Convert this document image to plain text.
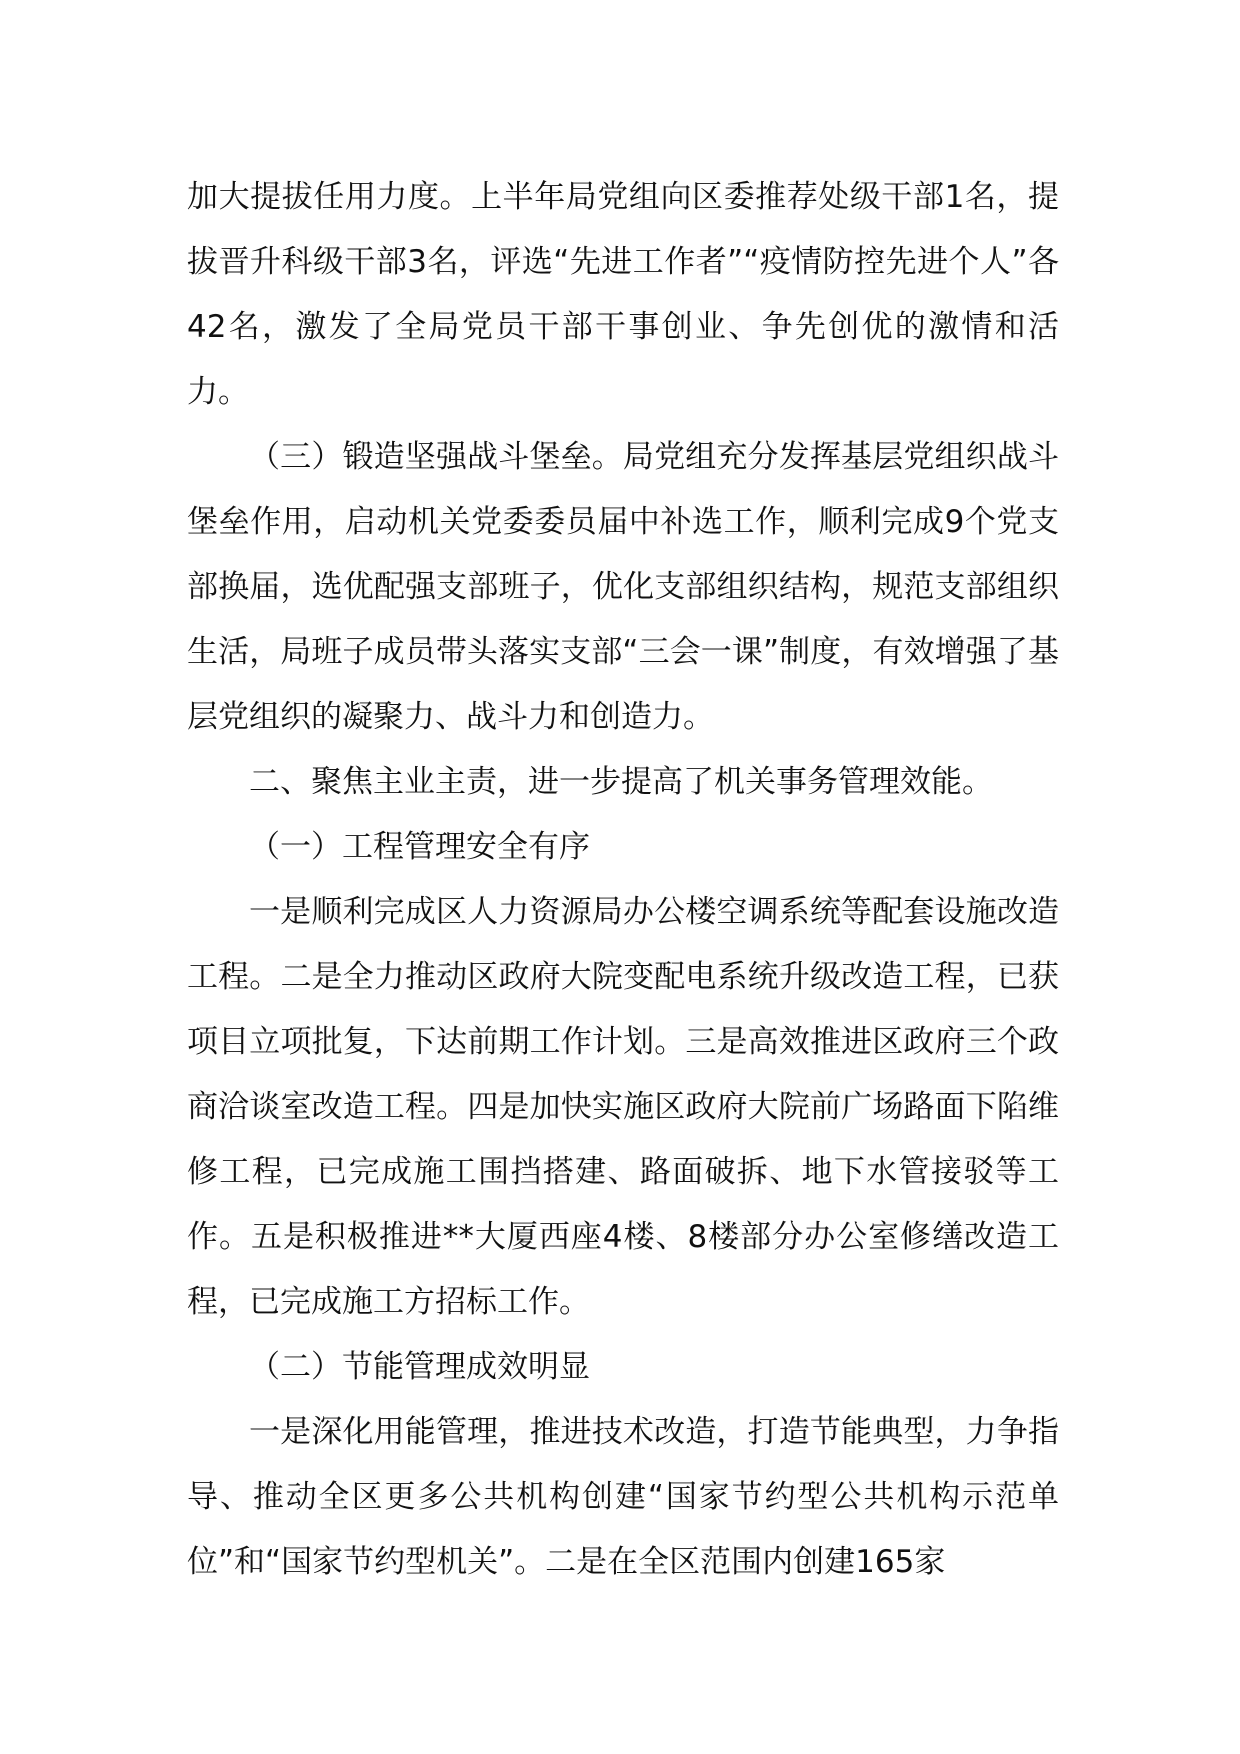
加大提拔任用力度。上半年局党组向区委推荐处级干部1名，提拔晋升科级干部3名，评选“先进工作者”“疫情防控先进个人”各42名，激发了全局党员干部干事创业、争先创优的激情和活力。

（三）锻造坚强战斗堡垒。局党组充分发挥基层党组织战斗堡垒作用，启动机关党委委员届中补选工作，顺利完成9个党支部换届，选优配强支部班子，优化支部组织结构，规范支部组织生活，局班子成员带头落实支部“三会一课”制度，有效增强了基层党组织的凝聚力、战斗力和创造力。

二、聚焦主业主责，进一步提高了机关事务管理效能。

（一）工程管理安全有序

一是顺利完成区人力资源局办公楼空调系统等配套设施改造工程。二是全力推动区政府大院变配电系统升级改造工程，已获项目立项批复，下达前期工作计划。三是高效推进区政府三个政商洽谈室改造工程。四是加快实施区政府大院前广场路面下陷维修工程，已完成施工围挡搭建、路面破拆、地下水管接驳等工作。五是积极推进**大厦西座4楼、8楼部分办公室修缮改造工程，已完成施工方招标工作。

（二）节能管理成效明显

一是深化用能管理，推进技术改造，打造节能典型，力争指导、推动全区更多公共机构创建“国家节约型公共机构示范单位”和“国家节约型机关”。二是在全区范围内创建165家
